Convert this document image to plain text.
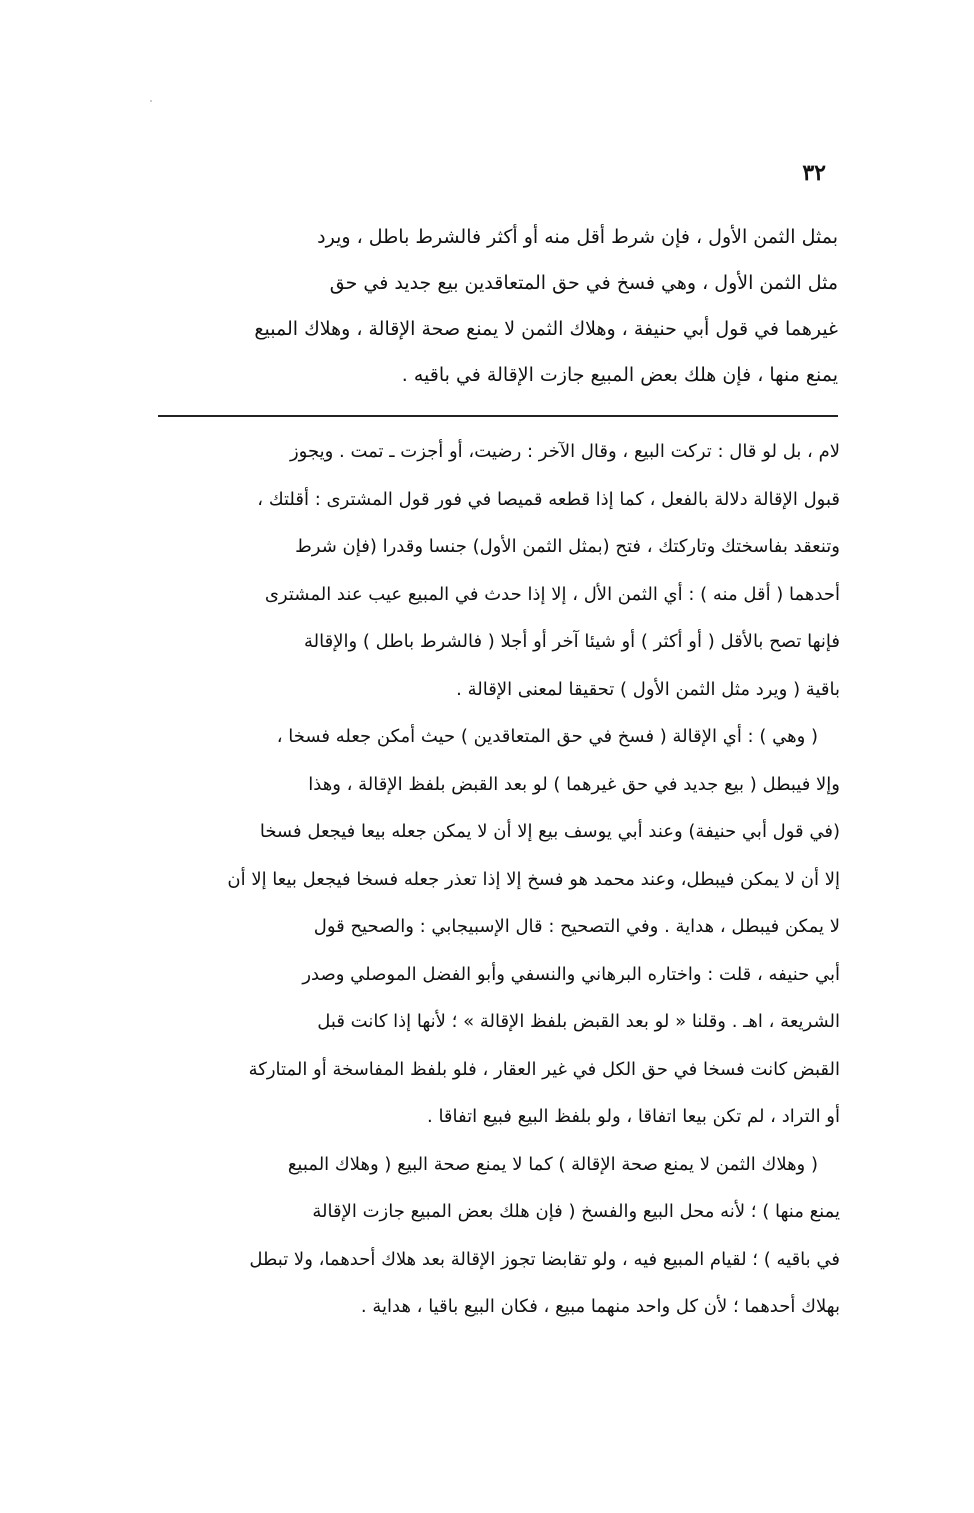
٣٢
بمثل الثمن الأول ، فإن شرط أقل منه أو أكثر فالشرط باطل ، ويرد
مثل الثمن الأول ، وهي فسخ في حق المتعاقدين بيع جديد في حق
غيرهما في قول أبي حنيفة ، وهلاك الثمن لا يمنع صحة الإقالة ، وهلاك المبيع
يمنع منها ، فإن هلك بعض المبيع جازت الإقالة في باقيه .
لام ، بل لو قال : تركت البيع ، وقال الآخر : رضيت، أو أجزت ـ تمت . ويجوز
قبول الإقالة دلالة بالفعل ، كما إذا قطعه قميصا في فور قول المشترى : أقلتك ،
وتنعقد بفاسختك وتاركتك ، فتح (بمثل الثمن الأول) جنسا وقدرا (فإن شرط
أحدهما ( أقل منه ) : أي الثمن الأل ، إلا إذا حدث في المبيع عيب عند المشترى
فإنها تصح بالأقل ( أو أكثر ) أو شيئا آخر أو أجلا ( فالشرط باطل ) والإقالة
باقية ( ويرد مثل الثمن الأول ) تحقيقا لمعنى الإقالة .
( وهي ) : أي الإقالة ( فسخ في حق المتعاقدين ) حيث أمكن جعله فسخا ،
وإلا فيبطل ( بيع جديد في حق غيرهما ) لو بعد القبض بلفظ الإقالة ، وهذا
(في قول أبي حنيفة) وعند أبي يوسف بيع إلا أن لا يمكن جعله بيعا فيجعل فسخا
إلا أن لا يمكن فيبطل، وعند محمد هو فسخ إلا إذا تعذر جعله فسخا فيجعل بيعا إلا أن
لا يمكن فيبطل ، هداية . وفي التصحيح : قال الإسبيجابي : والصحيح قول
أبي حنيفه ، قلت : واختاره البرهاني والنسفي وأبو الفضل الموصلي وصدر
الشريعة ، اهـ . وقلنا « لو بعد القبض بلفظ الإقالة » ؛ لأنها إذا كانت قبل
القبض كانت فسخا في حق الكل في غير العقار ، فلو بلفظ المفاسخة أو المتاركة
أو التراد ، لم تكن بيعا اتفاقا ، ولو بلفظ البيع فبيع اتفاقا .
( وهلاك الثمن لا يمنع صحة الإقالة ) كما لا يمنع صحة البيع ( وهلاك المبيع
يمنع منها ) ؛ لأنه محل البيع والفسخ ( فإن هلك بعض المبيع جازت الإقالة
في باقيه ) ؛ لقيام المبيع فيه ، ولو تقابضا تجوز الإقالة بعد هلاك أحدهما، ولا تبطل
بهلاك أحدهما ؛ لأن كل واحد منهما مبيع ، فكان البيع باقيا ، هداية .
